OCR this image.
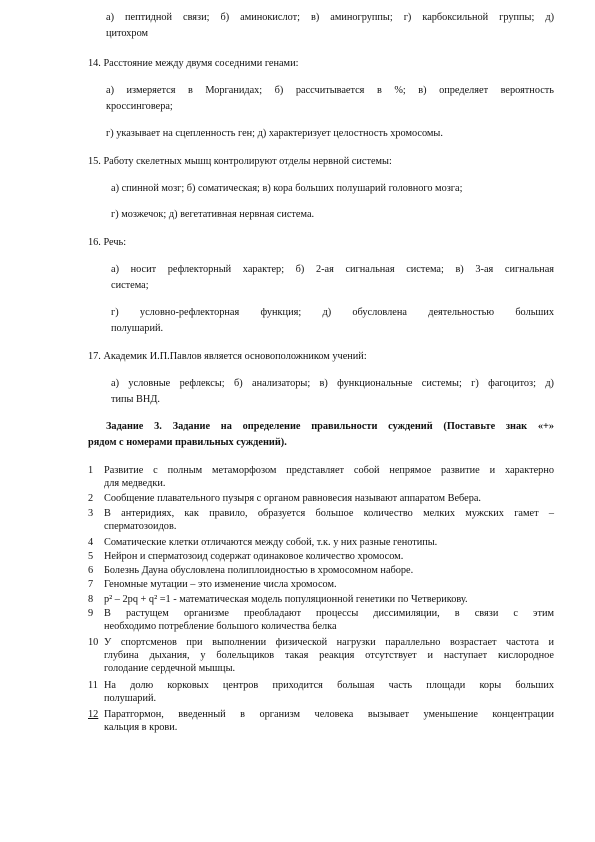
а) пептидной связи; б) аминокислот; в) аминогруппы; г) карбоксильной группы; д)
цитохром
14. Расстояние между двумя соседними генами:
а) измеряется в Морганидах; б) рассчитывается в %; в) определяет вероятность
кроссинговера;
г) указывает на сцепленность ген; д) характеризует целостность хромосомы.
15. Работу скелетных мышц контролируют отделы нервной системы:
а) спинной мозг; б) соматическая; в) кора больших полушарий головного мозга;
г) мозжечок; д) вегетативная нервная система.
16. Речь:
а) носит рефлекторный характер; б) 2-ая сигнальная система; в) 3-ая сигнальная
система;
г) условно-рефлекторная функция; д) обусловлена деятельностью больших
полушарий.
17. Академик И.П.Павлов является основоположником учений:
а) условные рефлексы; б) анализаторы; в) функциональные системы; г) фагоцитоз; д)
типы ВНД.
Задание 3. Задание на определение правильности суждений (Поставьте знак «+»
рядом с номерами правильных суждений).
1 Развитие с полным метаморфозом представляет собой непрямое развитие и характерно
для медведки.
2 Сообщение плавательного пузыря с органом равновесия называют аппаратом Вебера.
3 В антеридиях, как правило, образуется большое количество мелких мужских гамет –
сперматозоидов.
4 Соматические клетки отличаются между собой, т.к. у них разные генотипы.
5 Нейрон и сперматозоид содержат одинаковое количество хромосом.
6 Болезнь Дауна обусловлена полиплоидностью в хромосомном наборе.
7 Геномные мутации – это изменение числа хромосом.
8 p² – 2pq + q² =1 - математическая модель популяционной генетики по Четверикову.
9 В растущем организме преобладают процессы диссимиляции, в связи с этим
необходимо потребление большого количества белка
10 У спортсменов при выполнении физической нагрузки параллельно возрастает частота и
глубина дыхания, у болельщиков такая реакция отсутствует и наступает кислородное
голодание сердечной мышцы.
11 На долю корковых центров приходится большая часть площади коры больших
полушарий.
12 Паратгормон, введенный в организм человека вызывает уменьшение концентрации
кальция в крови.
